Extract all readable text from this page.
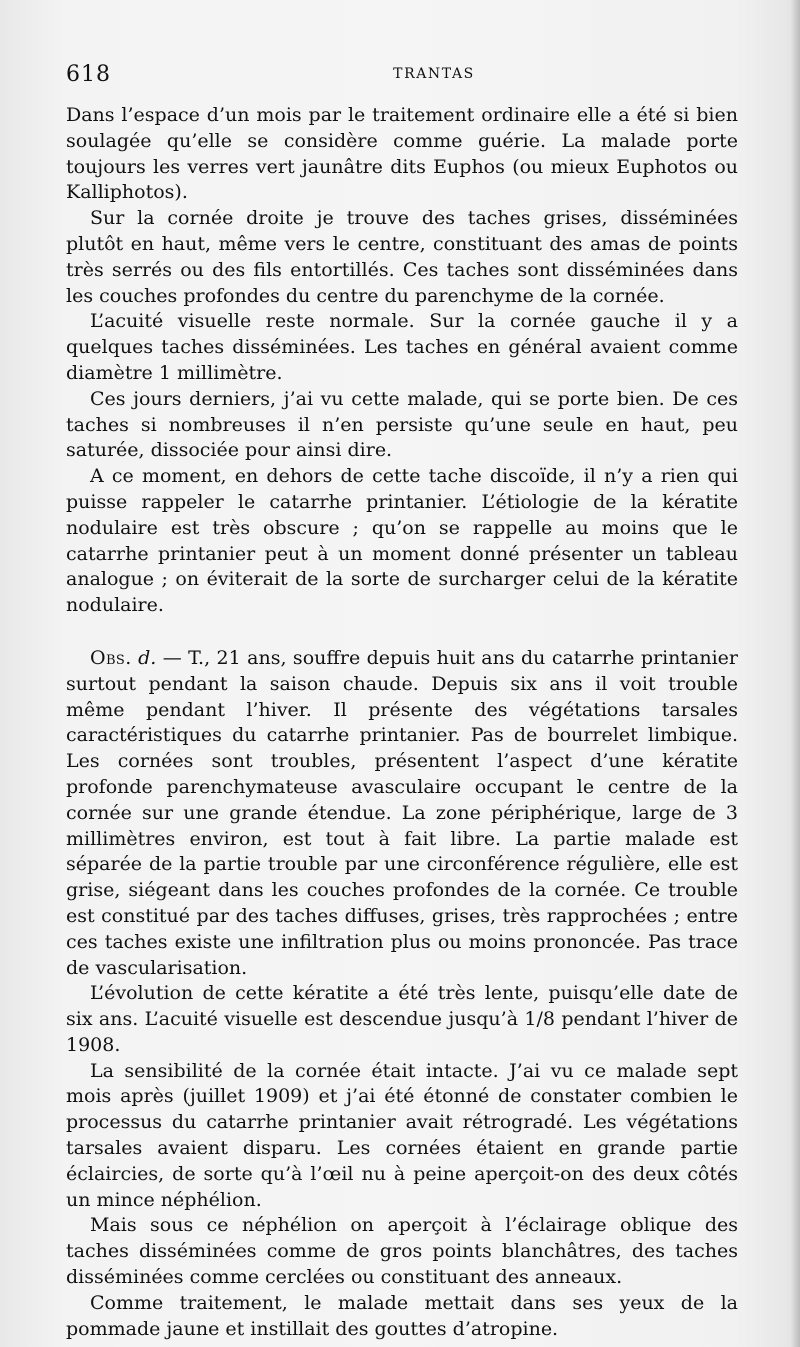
618	TRANTAS

Dans l’espace d’un mois par le traitement ordinaire elle a été si bien soulagée qu’elle se considère comme guérie. La malade porte toujours les verres vert jaunâtre dits Euphos (ou mieux Euphotos ou Kalliphotos).

Sur la cornée droite je trouve des taches grises, disséminées plutôt en haut, même vers le centre, constituant des amas de points très serrés ou des fils entortillés. Ces taches sont disséminées dans les couches profondes du centre du parenchyme de la cornée.

L’acuité visuelle reste normale. Sur la cornée gauche il y a quelques taches disséminées. Les taches en général avaient comme diamètre 1 millimètre.

Ces jours derniers, j’ai vu cette malade, qui se porte bien. De ces taches si nombreuses il n’en persiste qu’une seule en haut, peu saturée, dissociée pour ainsi dire.

A ce moment, en dehors de cette tache discoïde, il n’y a rien qui puisse rappeler le catarrhe printanier. L’étiologie de la kératite nodulaire est très obscure ; qu’on se rappelle au moins que le catarrhe printanier peut à un moment donné présenter un tableau analogue ; on éviterait de la sorte de surcharger celui de la kératite nodulaire.

Obs. d. — T., 21 ans, souffre depuis huit ans du catarrhe printanier surtout pendant la saison chaude. Depuis six ans il voit trouble même pendant l’hiver. Il présente des végétations tarsales caractéristiques du catarrhe printanier. Pas de bourrelet limbique. Les cornées sont troubles, présentent l’aspect d’une kératite profonde parenchymateuse avasculaire occupant le centre de la cornée sur une grande étendue. La zone périphérique, large de 3 millimètres environ, est tout à fait libre. La partie malade est séparée de la partie trouble par une circonférence régulière, elle est grise, siégeant dans les couches profondes de la cornée. Ce trouble est constitué par des taches diffuses, grises, très rapprochées ; entre ces taches existe une infiltration plus ou moins prononcée. Pas trace de vascularisation.

L’évolution de cette kératite a été très lente, puisqu’elle date de six ans. L’acuité visuelle est descendue jusqu’à 1/8 pendant l’hiver de 1908.

La sensibilité de la cornée était intacte. J’ai vu ce malade sept mois après (juillet 1909) et j’ai été étonné de constater combien le processus du catarrhe printanier avait rétrogradé. Les végétations tarsales avaient disparu. Les cornées étaient en grande partie éclaircies, de sorte qu’à l’œil nu à peine aperçoit-on des deux côtés un mince néphélion.

Mais sous ce néphélion on aperçoit à l’éclairage oblique des taches disséminées comme de gros points blanchâtres, des taches disséminées comme cerclées ou constituant des anneaux.

Comme traitement, le malade mettait dans ses yeux de la pommade jaune et instillait des gouttes d’atropine.
